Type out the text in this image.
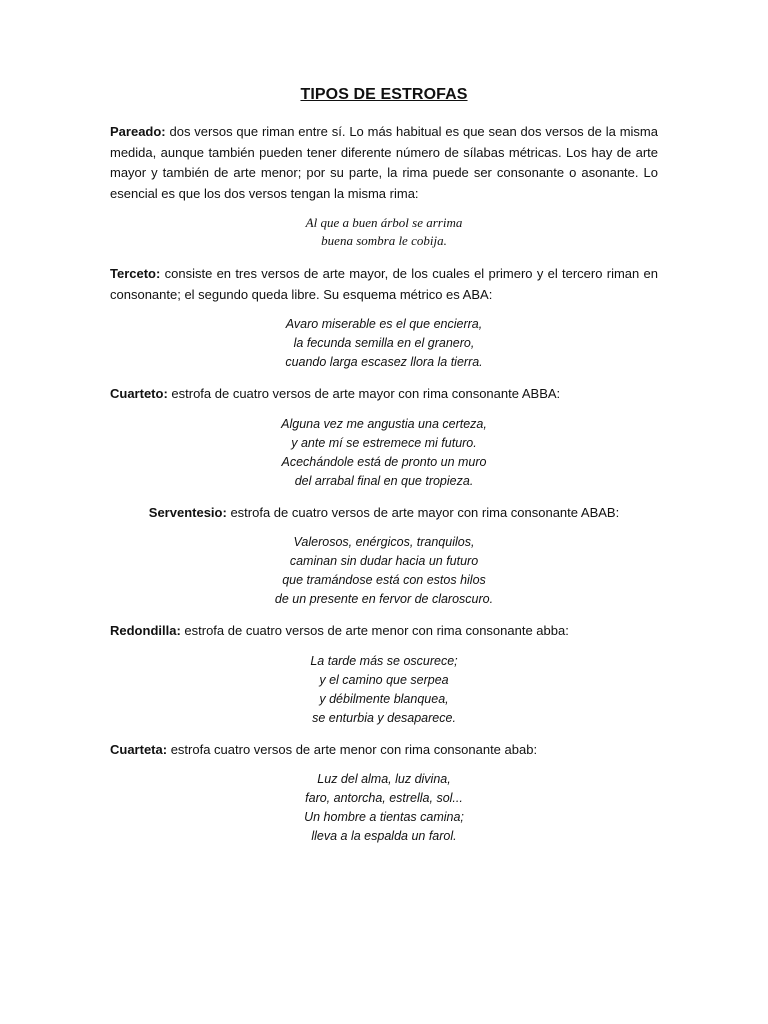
TIPOS DE ESTROFAS

Pareado: dos versos que riman entre sí. Lo más habitual es que sean dos versos de la misma medida, aunque también pueden tener diferente número de sílabas métricas. Los hay de arte mayor y también de arte menor; por su parte, la rima puede ser consonante o asonante. Lo esencial es que los dos versos tengan la misma rima:

Al que a buen árbol se arrima
buena sombra le cobija.

Terceto: consiste en tres versos de arte mayor, de los cuales el primero y el tercero riman en consonante; el segundo queda libre. Su esquema métrico es ABA:

Avaro miserable es el que encierra,
la fecunda semilla en el granero,
cuando larga escasez llora la tierra.

Cuarteto: estrofa de cuatro versos de arte mayor con rima consonante ABBA:

Alguna vez me angustia una certeza,
y ante mí se estremece mi futuro.
Acechándole está de pronto un muro
del arrabal final en que tropieza.

Serventesio: estrofa de cuatro versos de arte mayor con rima consonante ABAB:

Valerosos, enérgicos, tranquilos,
caminan sin dudar hacia un futuro
que tramándose está con estos hilos
de un presente en fervor de claroscuro.

Redondilla: estrofa de cuatro versos de arte menor con rima consonante abba:

La tarde más se oscurece;
y el camino que serpea
y débilmente blanquea,
se enturbia y desaparece.

Cuarteta: estrofa cuatro versos de arte menor con rima consonante abab:

Luz del alma, luz divina,
faro, antorcha, estrella, sol...
Un hombre a tientas camina;
lleva a la espalda un farol.
